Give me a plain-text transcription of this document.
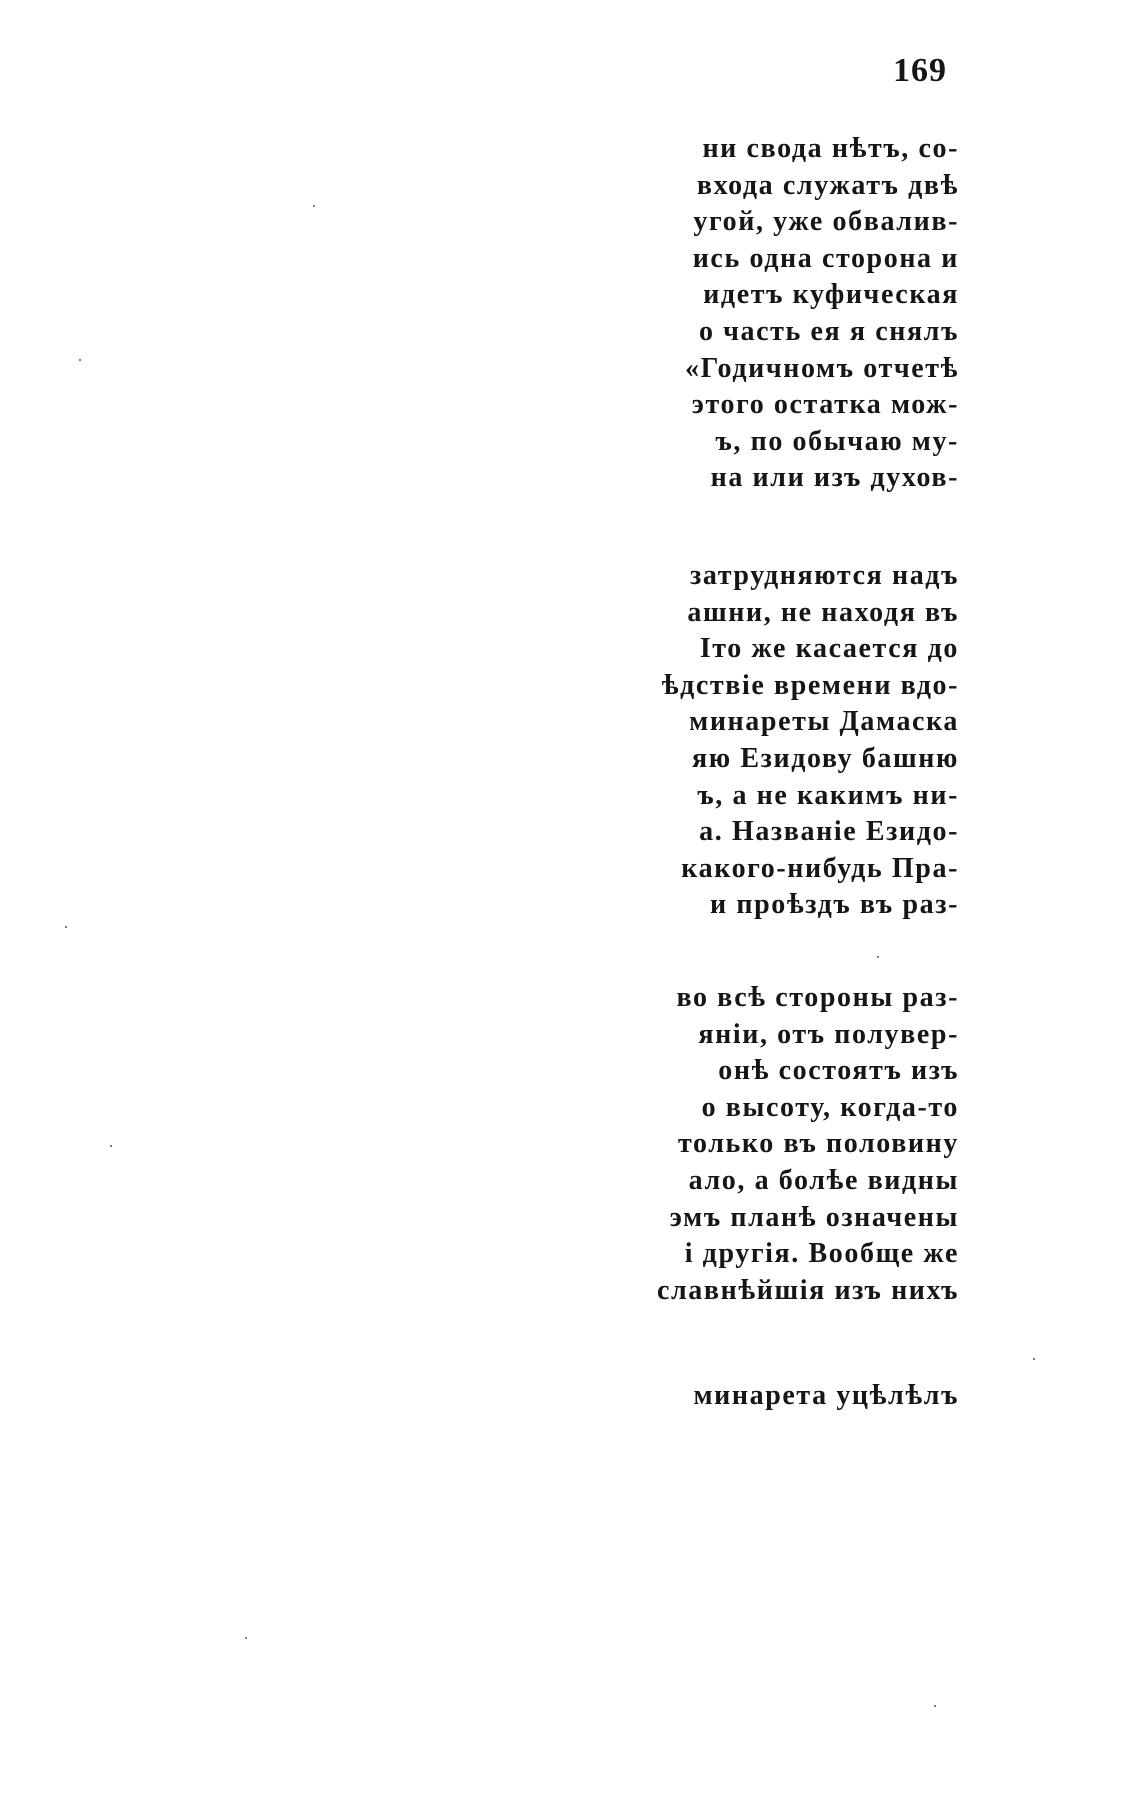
169
ни свода нѣтъ, со-
входа служатъ двѣ
угой, уже обвалив-
ись одна сторона и
идетъ куфическая
о часть ея я снялъ
«Годичномъ отчетѣ
этого остатка мож-
ъ, по обычаю му-
на или изъ духов-
затрудняются надъ
ашни, не находя въ
Іто же касается до
ѣдствіе времени вдо-
минареты Дамаска
яю Езидову башню
ъ, а не какимъ ни-
а. Названіе Езидо-
какого-нибудь Пра-
и проѣздъ въ раз-
во всѣ стороны раз-
яніи, отъ полувер-
онѣ состоятъ изъ
о высоту, когда-то
только въ половину
ало, а болѣе видны
эмъ планѣ означены
і другія. Вообще же
славнѣйшія изъ нихъ
минарета уцѣлѣлъ
